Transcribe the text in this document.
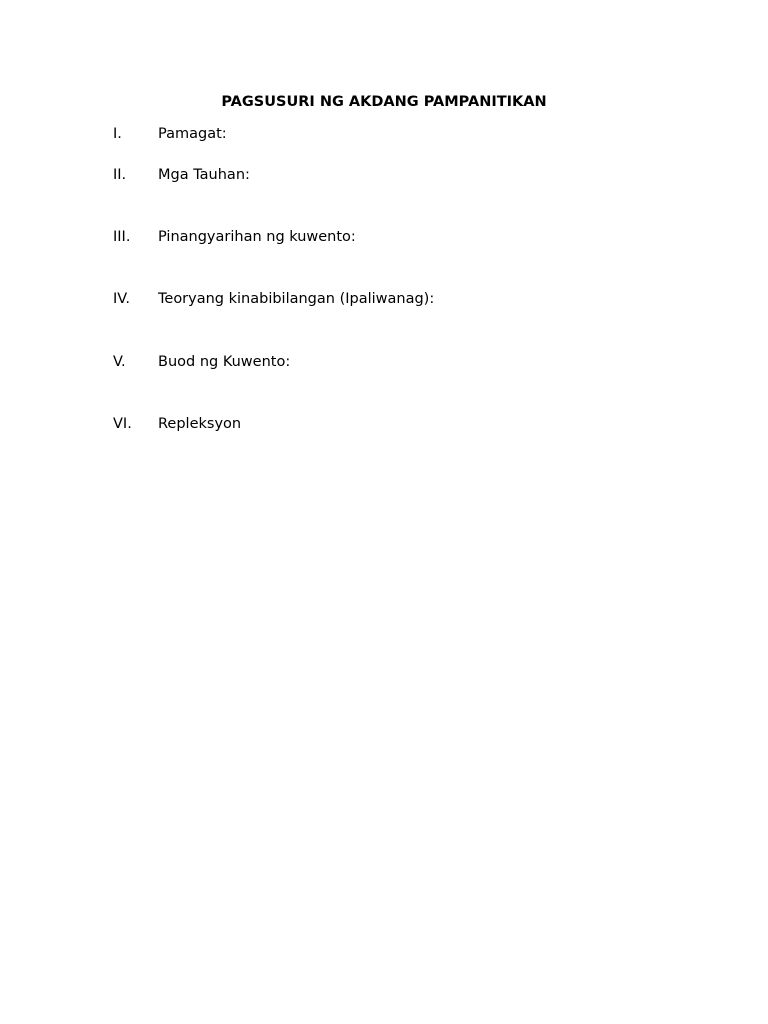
PAGSUSURI NG AKDANG PAMPANITIKAN
I. Pamagat:
II. Mga Tauhan:
III. Pinangyarihan ng kuwento:
IV. Teoryang kinabibilangan (Ipaliwanag):
V. Buod ng Kuwento:
VI. Repleksyon
